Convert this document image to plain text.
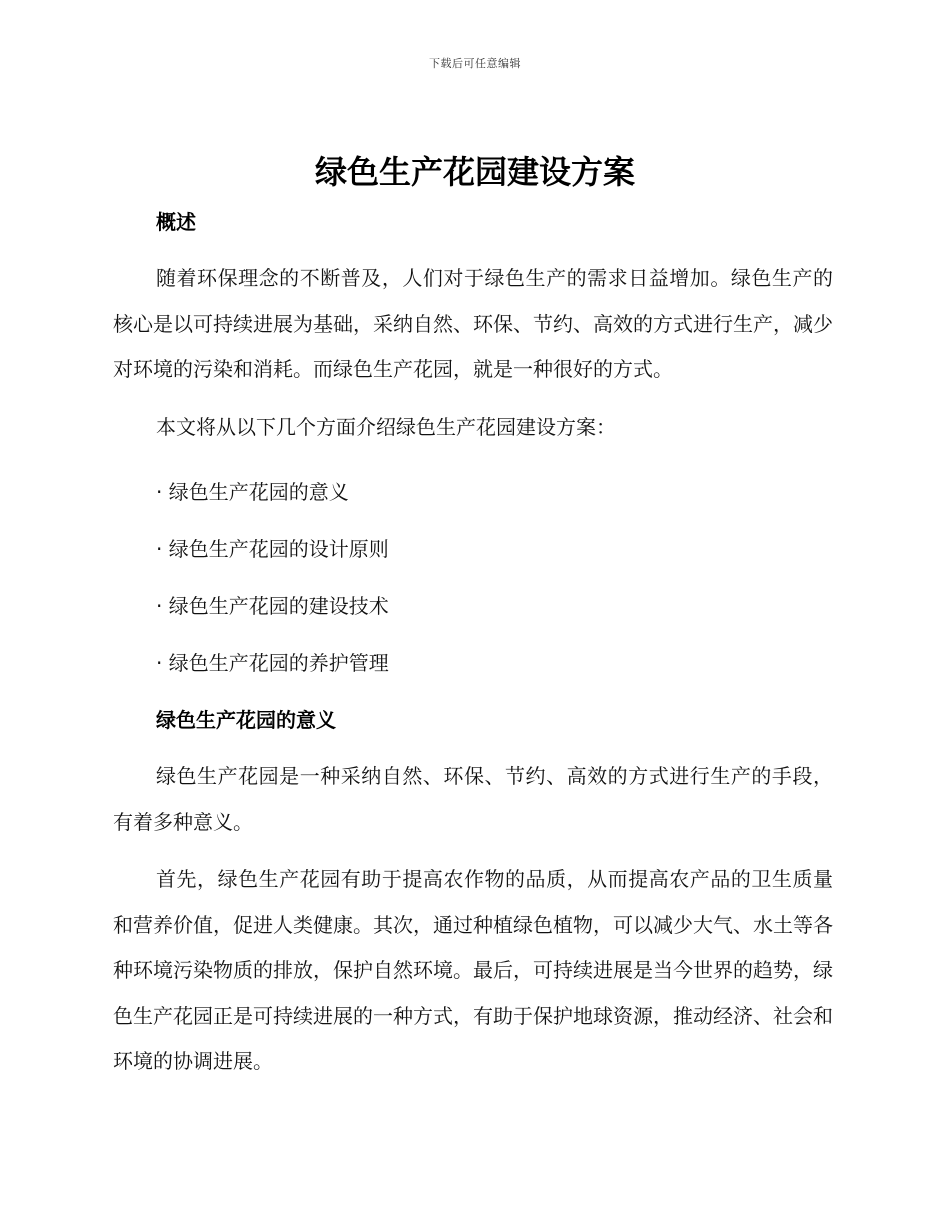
下载后可任意编辑
绿色生产花园建设方案
概述

随着环保理念的不断普及，人们对于绿色生产的需求日益增加。绿色生产的核心是以可持续进展为基础，采纳自然、环保、节约、高效的方式进行生产，减少对环境的污染和消耗。而绿色生产花园，就是一种很好的方式。

本文将从以下几个方面介绍绿色生产花园建设方案：

· 绿色生产花园的意义

· 绿色生产花园的设计原则

· 绿色生产花园的建设技术

· 绿色生产花园的养护管理

绿色生产花园的意义

绿色生产花园是一种采纳自然、环保、节约、高效的方式进行生产的手段，有着多种意义。

首先，绿色生产花园有助于提高农作物的品质，从而提高农产品的卫生质量和营养价值，促进人类健康。其次，通过种植绿色植物，可以减少大气、水土等各种环境污染物质的排放，保护自然环境。最后，可持续进展是当今世界的趋势，绿色生产花园正是可持续进展的一种方式，有助于保护地球资源，推动经济、社会和环境的协调进展。
